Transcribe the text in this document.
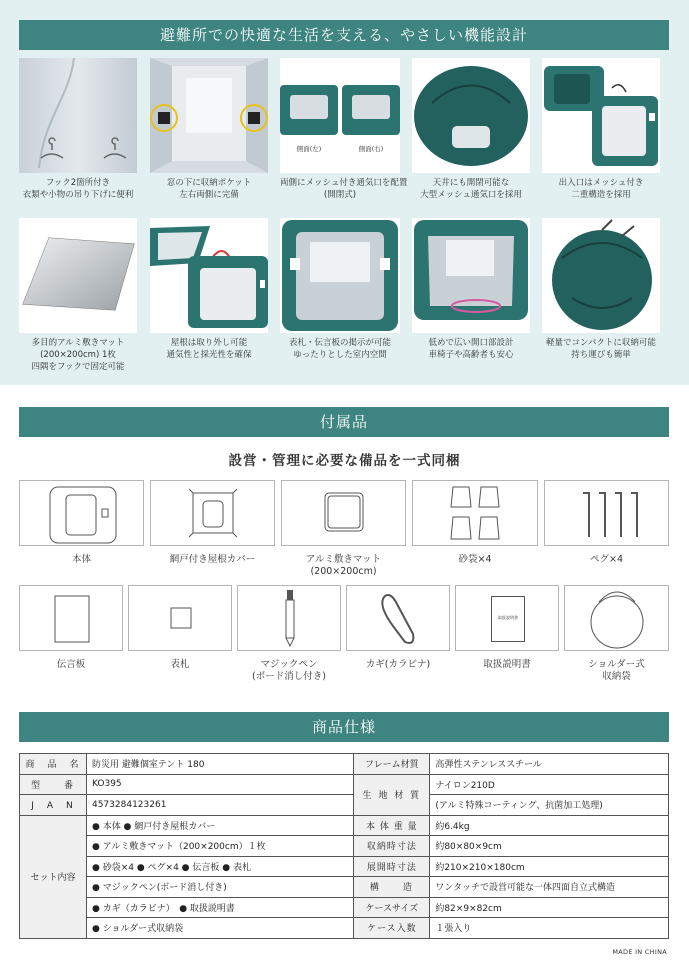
避難所での快適な生活を支える、やさしい機能設計
フック2箇所付き
衣類や小物の吊り下げに便利
窓の下に収納ポケット
左右両側に完備
側面(左)	側面(右)
両側にメッシュ付き通気口を配置
(開閉式)
天井にも開閉可能な
大型メッシュ通気口を採用
出入口はメッシュ付き
二重構造を採用
多目的アルミ敷きマット
(200×200cm) 1枚
四隅をフックで固定可能
屋根は取り外し可能
通気性と採光性を確保
表札・伝言板の掲示が可能
ゆったりとした室内空間
低めで広い開口部設計
車椅子や高齢者も安心
軽量でコンパクトに収納可能
持ち運びも簡単
付属品
設営・管理に必要な備品を一式同梱
本体	網戸付き屋根カバー	アルミ敷きマット
(200×200cm)
砂袋×4	ペグ×4
伝言板	表札	マジックペン
(ボード消し付き)
カギ(カラビナ)
取扱説明書
取扱説明書	ショルダー式
収納袋
商品仕様
商　品　名	防災用 避難個室テント 180	フレーム材質	高弾性ステンレススチール
型　　番	KO395	生 地 材 質	ナイロン210D
J　A　N	4573284123261		(アルミ特殊コーティング、抗菌加工処理)
セット内容	● 本体 ● 網戸付き屋根カバー	本 体 重 量	約6.4kg
	● アルミ敷きマット（200×200cm）１枚	収納時寸法	約80×80×9cm
	● 砂袋×4 ● ペグ×4 ● 伝言板 ● 表札	展開時寸法	約210×210×180cm
	● マジックペン(ボード消し付き)	構　　造	ワンタッチで設営可能な一体四面自立式構造
	● カギ（カラビナ）　● 取扱説明書	ケースサイズ	約82×9×82cm
	● ショルダー式収納袋	ケース入数	１張入り
MADE IN CHINA
